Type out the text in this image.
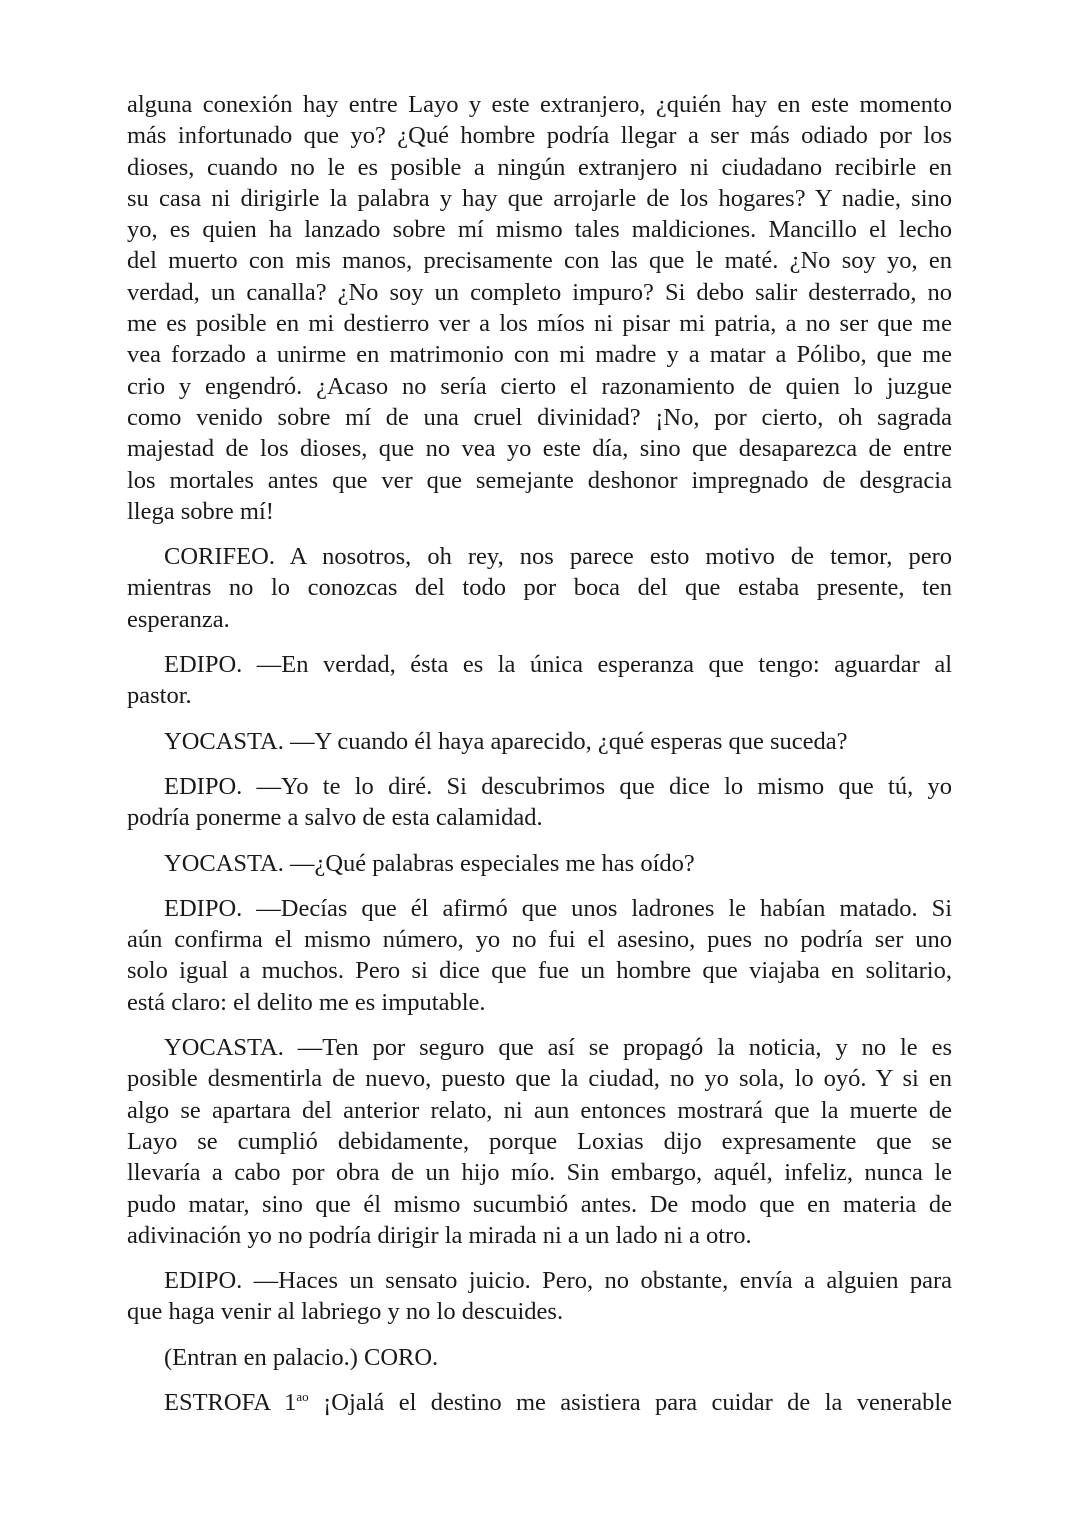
alguna conexión hay entre Layo y este extranjero, ¿quién hay en este momento
más infortunado que yo? ¿Qué hombre podría llegar a ser más odiado por los
dioses, cuando no le es posible a ningún extranjero ni ciudadano recibirle en
su casa ni dirigirle la palabra y hay que arrojarle de los hogares? Y nadie, sino
yo, es quien ha lanzado sobre mí mismo tales maldiciones. Mancillo el lecho
del muerto con mis manos, precisamente con las que le maté. ¿No soy yo, en
verdad, un canalla? ¿No soy un completo impuro? Si debo salir desterrado, no
me es posible en mi destierro ver a los míos ni pisar mi patria, a no ser que me
vea forzado a unirme en matrimonio con mi madre y a matar a Pólibo, que me
crio y engendró. ¿Acaso no sería cierto el razonamiento de quien lo juzgue
como venido sobre mí de una cruel divinidad? ¡No, por cierto, oh sagrada
majestad de los dioses, que no vea yo este día, sino que desaparezca de entre
los mortales antes que ver que semejante deshonor impregnado de desgracia
llega sobre mí!

CORIFEO. A nosotros, oh rey, nos parece esto motivo de temor, pero
mientras no lo conozcas del todo por boca del que estaba presente, ten
esperanza.

EDIPO. —En verdad, ésta es la única esperanza que tengo: aguardar al
pastor.

YOCASTA. —Y cuando él haya aparecido, ¿qué esperas que suceda?

EDIPO. —Yo te lo diré. Si descubrimos que dice lo mismo que tú, yo
podría ponerme a salvo de esta calamidad.

YOCASTA. —¿Qué palabras especiales me has oído?

EDIPO. —Decías que él afirmó que unos ladrones le habían matado. Si
aún confirma el mismo número, yo no fui el asesino, pues no podría ser uno
solo igual a muchos. Pero si dice que fue un hombre que viajaba en solitario,
está claro: el delito me es imputable.

YOCASTA. —Ten por seguro que así se propagó la noticia, y no le es
posible desmentirla de nuevo, puesto que la ciudad, no yo sola, lo oyó. Y si en
algo se apartara del anterior relato, ni aun entonces mostrará que la muerte de
Layo se cumplió debidamente, porque Loxias dijo expresamente que se
llevaría a cabo por obra de un hijo mío. Sin embargo, aquél, infeliz, nunca le
pudo matar, sino que él mismo sucumbió antes. De modo que en materia de
adivinación yo no podría dirigir la mirada ni a un lado ni a otro.

EDIPO. —Haces un sensato juicio. Pero, no obstante, envía a alguien para
que haga venir al labriego y no lo descuides.

(Entran en palacio.) CORO.

ESTROFA $1^{ao}$ ¡Ojalá el destino me asistiera para cuidar de la venerable
